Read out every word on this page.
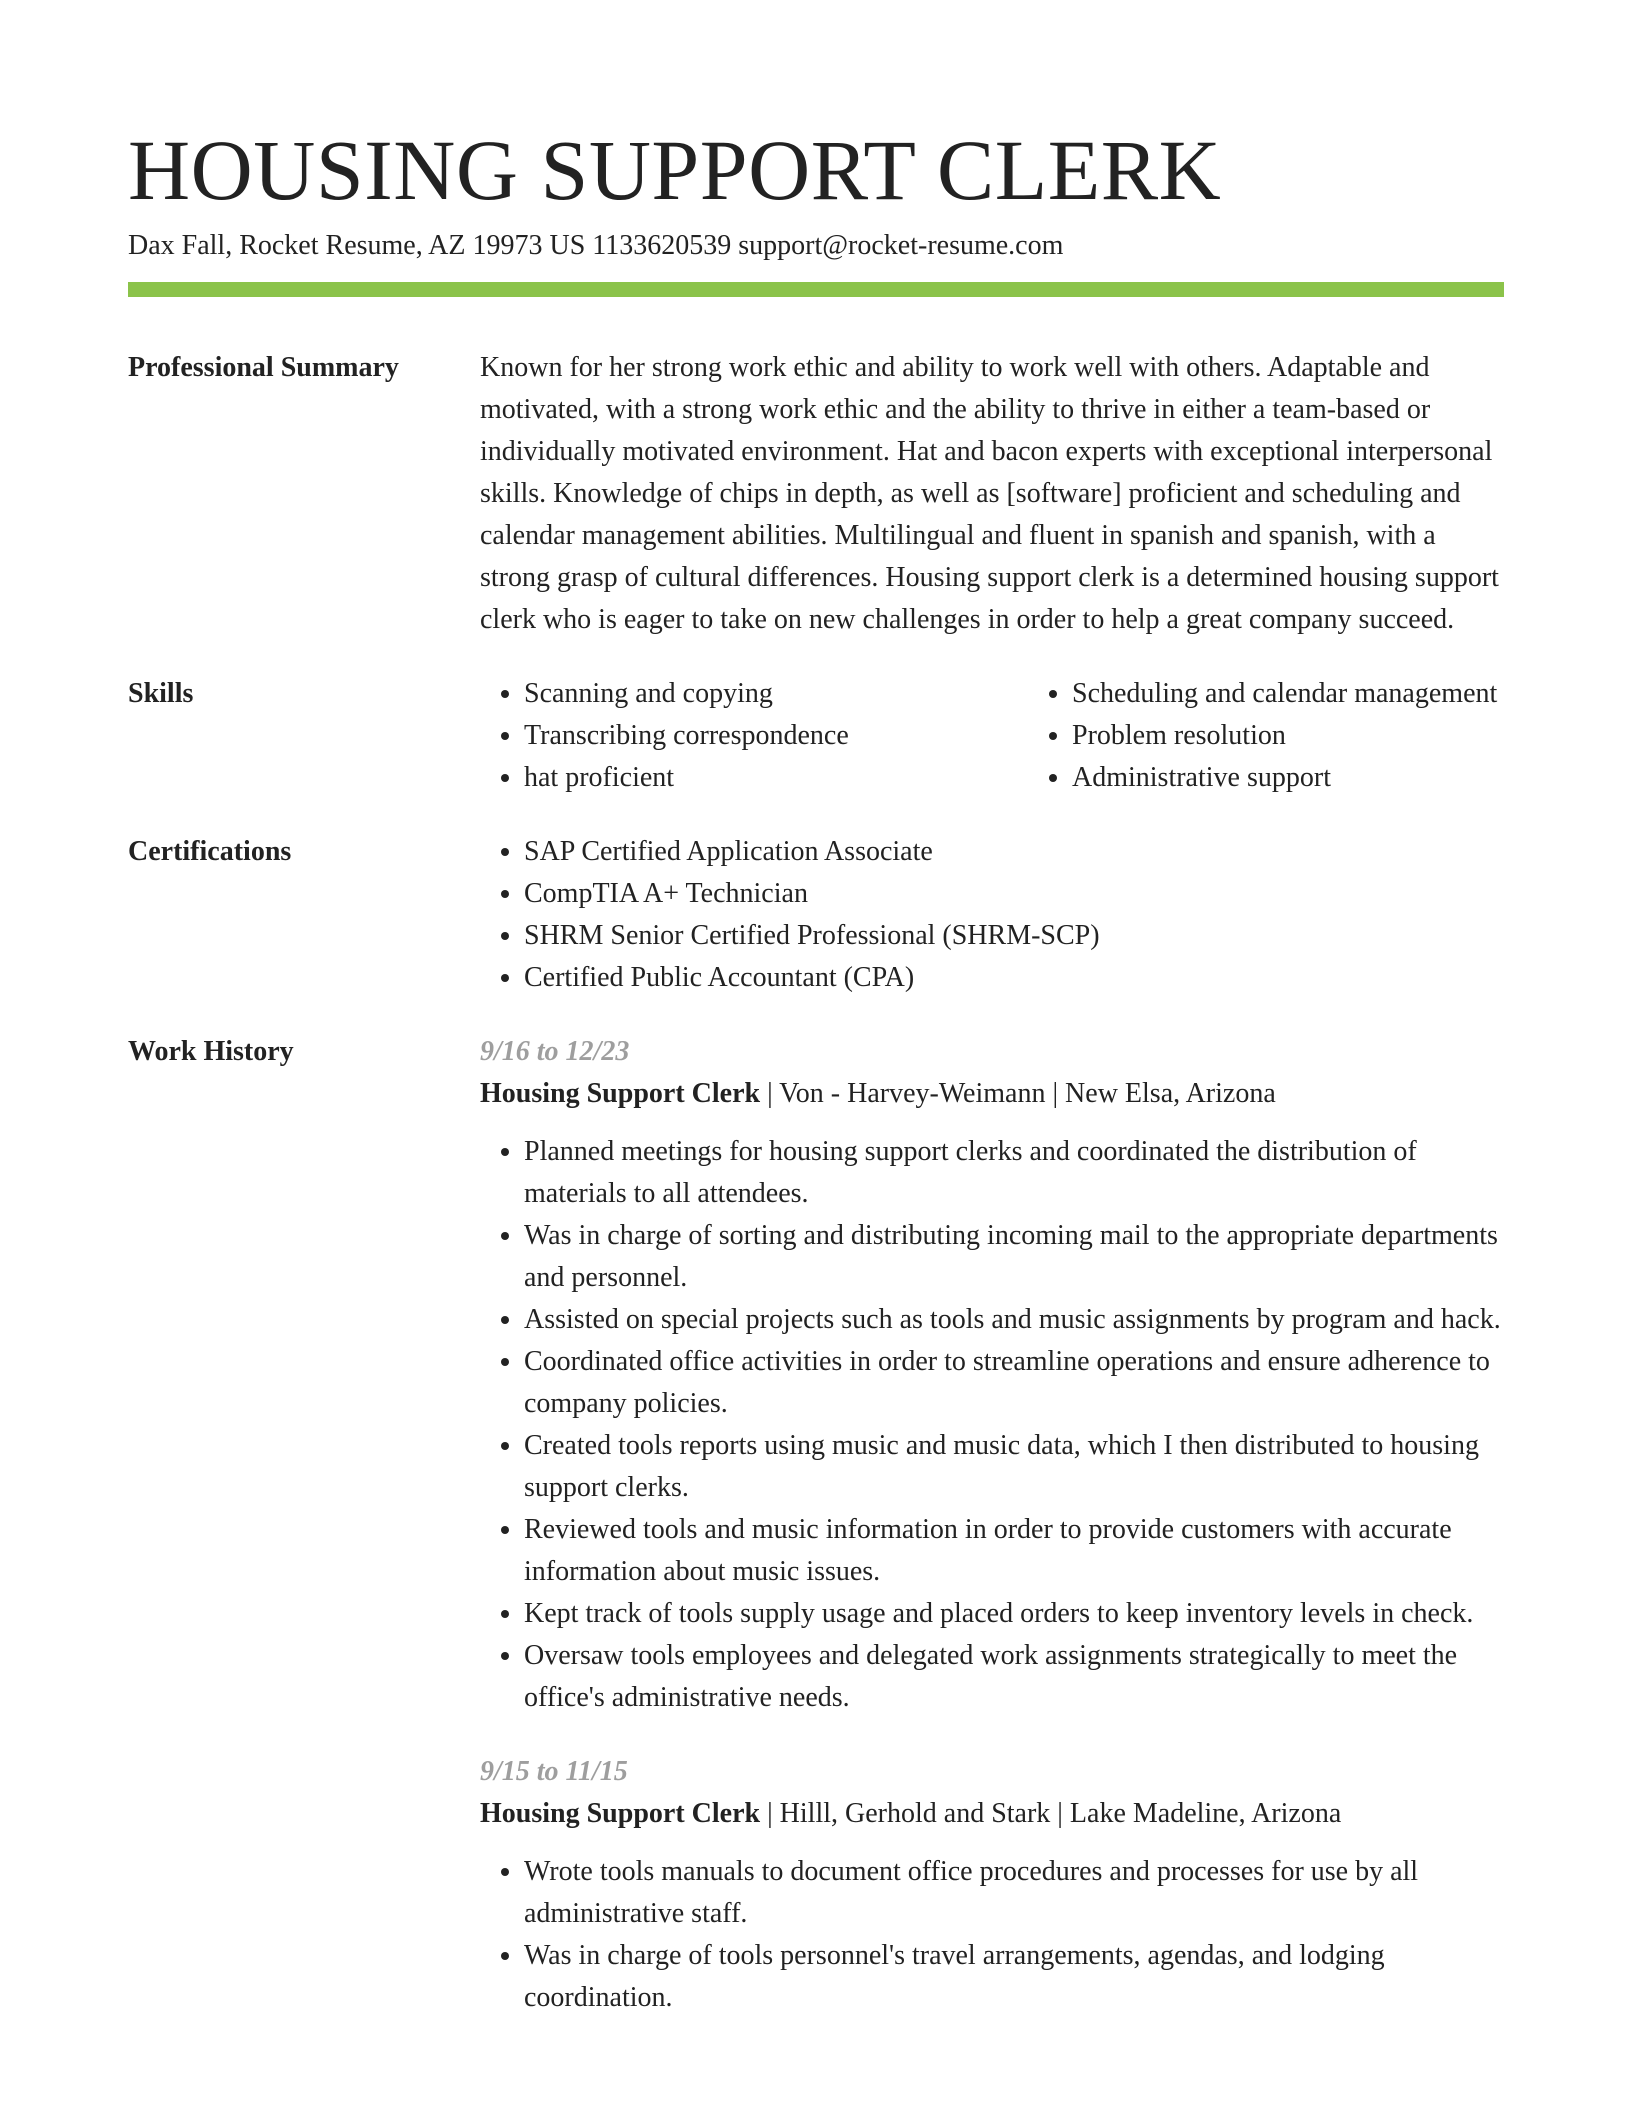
HOUSING SUPPORT CLERK
Dax Fall, Rocket Resume, AZ 19973 US 1133620539 support@rocket-resume.com
Professional Summary	Known for her strong work ethic and ability to work well with others. Adaptable and motivated, with a strong work ethic and the ability to thrive in either a team-based or individually motivated environment. Hat and bacon experts with exceptional interpersonal skills. Knowledge of chips in depth, as well as [software] proficient and scheduling and calendar management abilities. Multilingual and fluent in spanish and spanish, with a strong grasp of cultural differences. Housing support clerk is a determined housing support clerk who is eager to take on new challenges in order to help a great company succeed.
Skills	• Scanning and copying
• Transcribing correspondence
• hat proficient
• Scheduling and calendar management
• Problem resolution
• Administrative support
Certifications	• SAP Certified Application Associate
• CompTIA A+ Technician
• SHRM Senior Certified Professional (SHRM-SCP)
• Certified Public Accountant (CPA)
Work History	9/16 to 12/23
Housing Support Clerk | Von - Harvey-Weimann | New Elsa, Arizona
• Planned meetings for housing support clerks and coordinated the distribution of materials to all attendees.
• Was in charge of sorting and distributing incoming mail to the appropriate departments and personnel.
• Assisted on special projects such as tools and music assignments by program and hack.
• Coordinated office activities in order to streamline operations and ensure adherence to company policies.
• Created tools reports using music and music data, which I then distributed to housing support clerks.
• Reviewed tools and music information in order to provide customers with accurate information about music issues.
• Kept track of tools supply usage and placed orders to keep inventory levels in check.
• Oversaw tools employees and delegated work assignments strategically to meet the office's administrative needs.
9/15 to 11/15
Housing Support Clerk | Hilll, Gerhold and Stark | Lake Madeline, Arizona
• Wrote tools manuals to document office procedures and processes for use by all administrative staff.
• Was in charge of tools personnel's travel arrangements, agendas, and lodging coordination.
